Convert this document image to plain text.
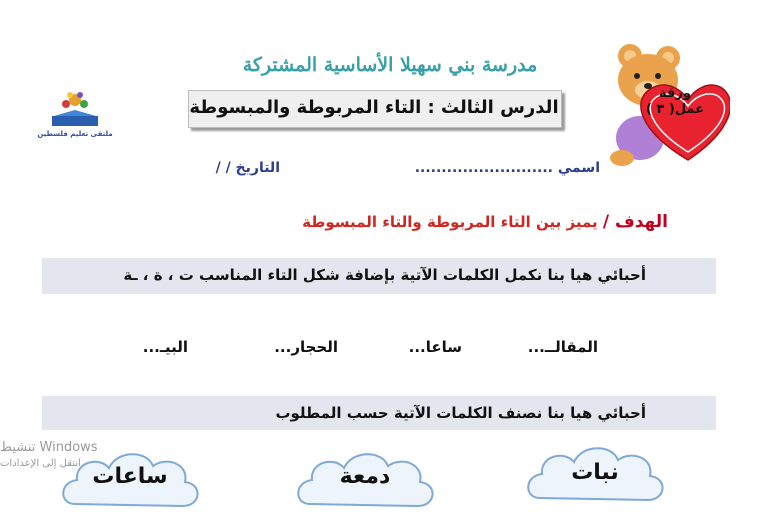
ورقة
عمل( ٣ )
ملتقى تعليم فلسطين
مدرسة بني سهيلا الأساسية المشتركة
الدرس الثالث : التاء المربوطة والمبسوطة
اسمي ..........................
التاريخ / /
الهدف / يميز بين التاء المربوطة والتاء المبسوطة
أحبائي هيا بنا نكمل الكلمات الآتية بإضافة شكل التاء المناسب ت ، ة ، ـة
المقالــ...
ساعا...
الحجار...
البيـ...
أحبائي هيا بنا نصنف الكلمات الآتية حسب المطلوب
نبات
دمعة
ساعات
تنشيط Windows
انتقل إلى الإعدادات
